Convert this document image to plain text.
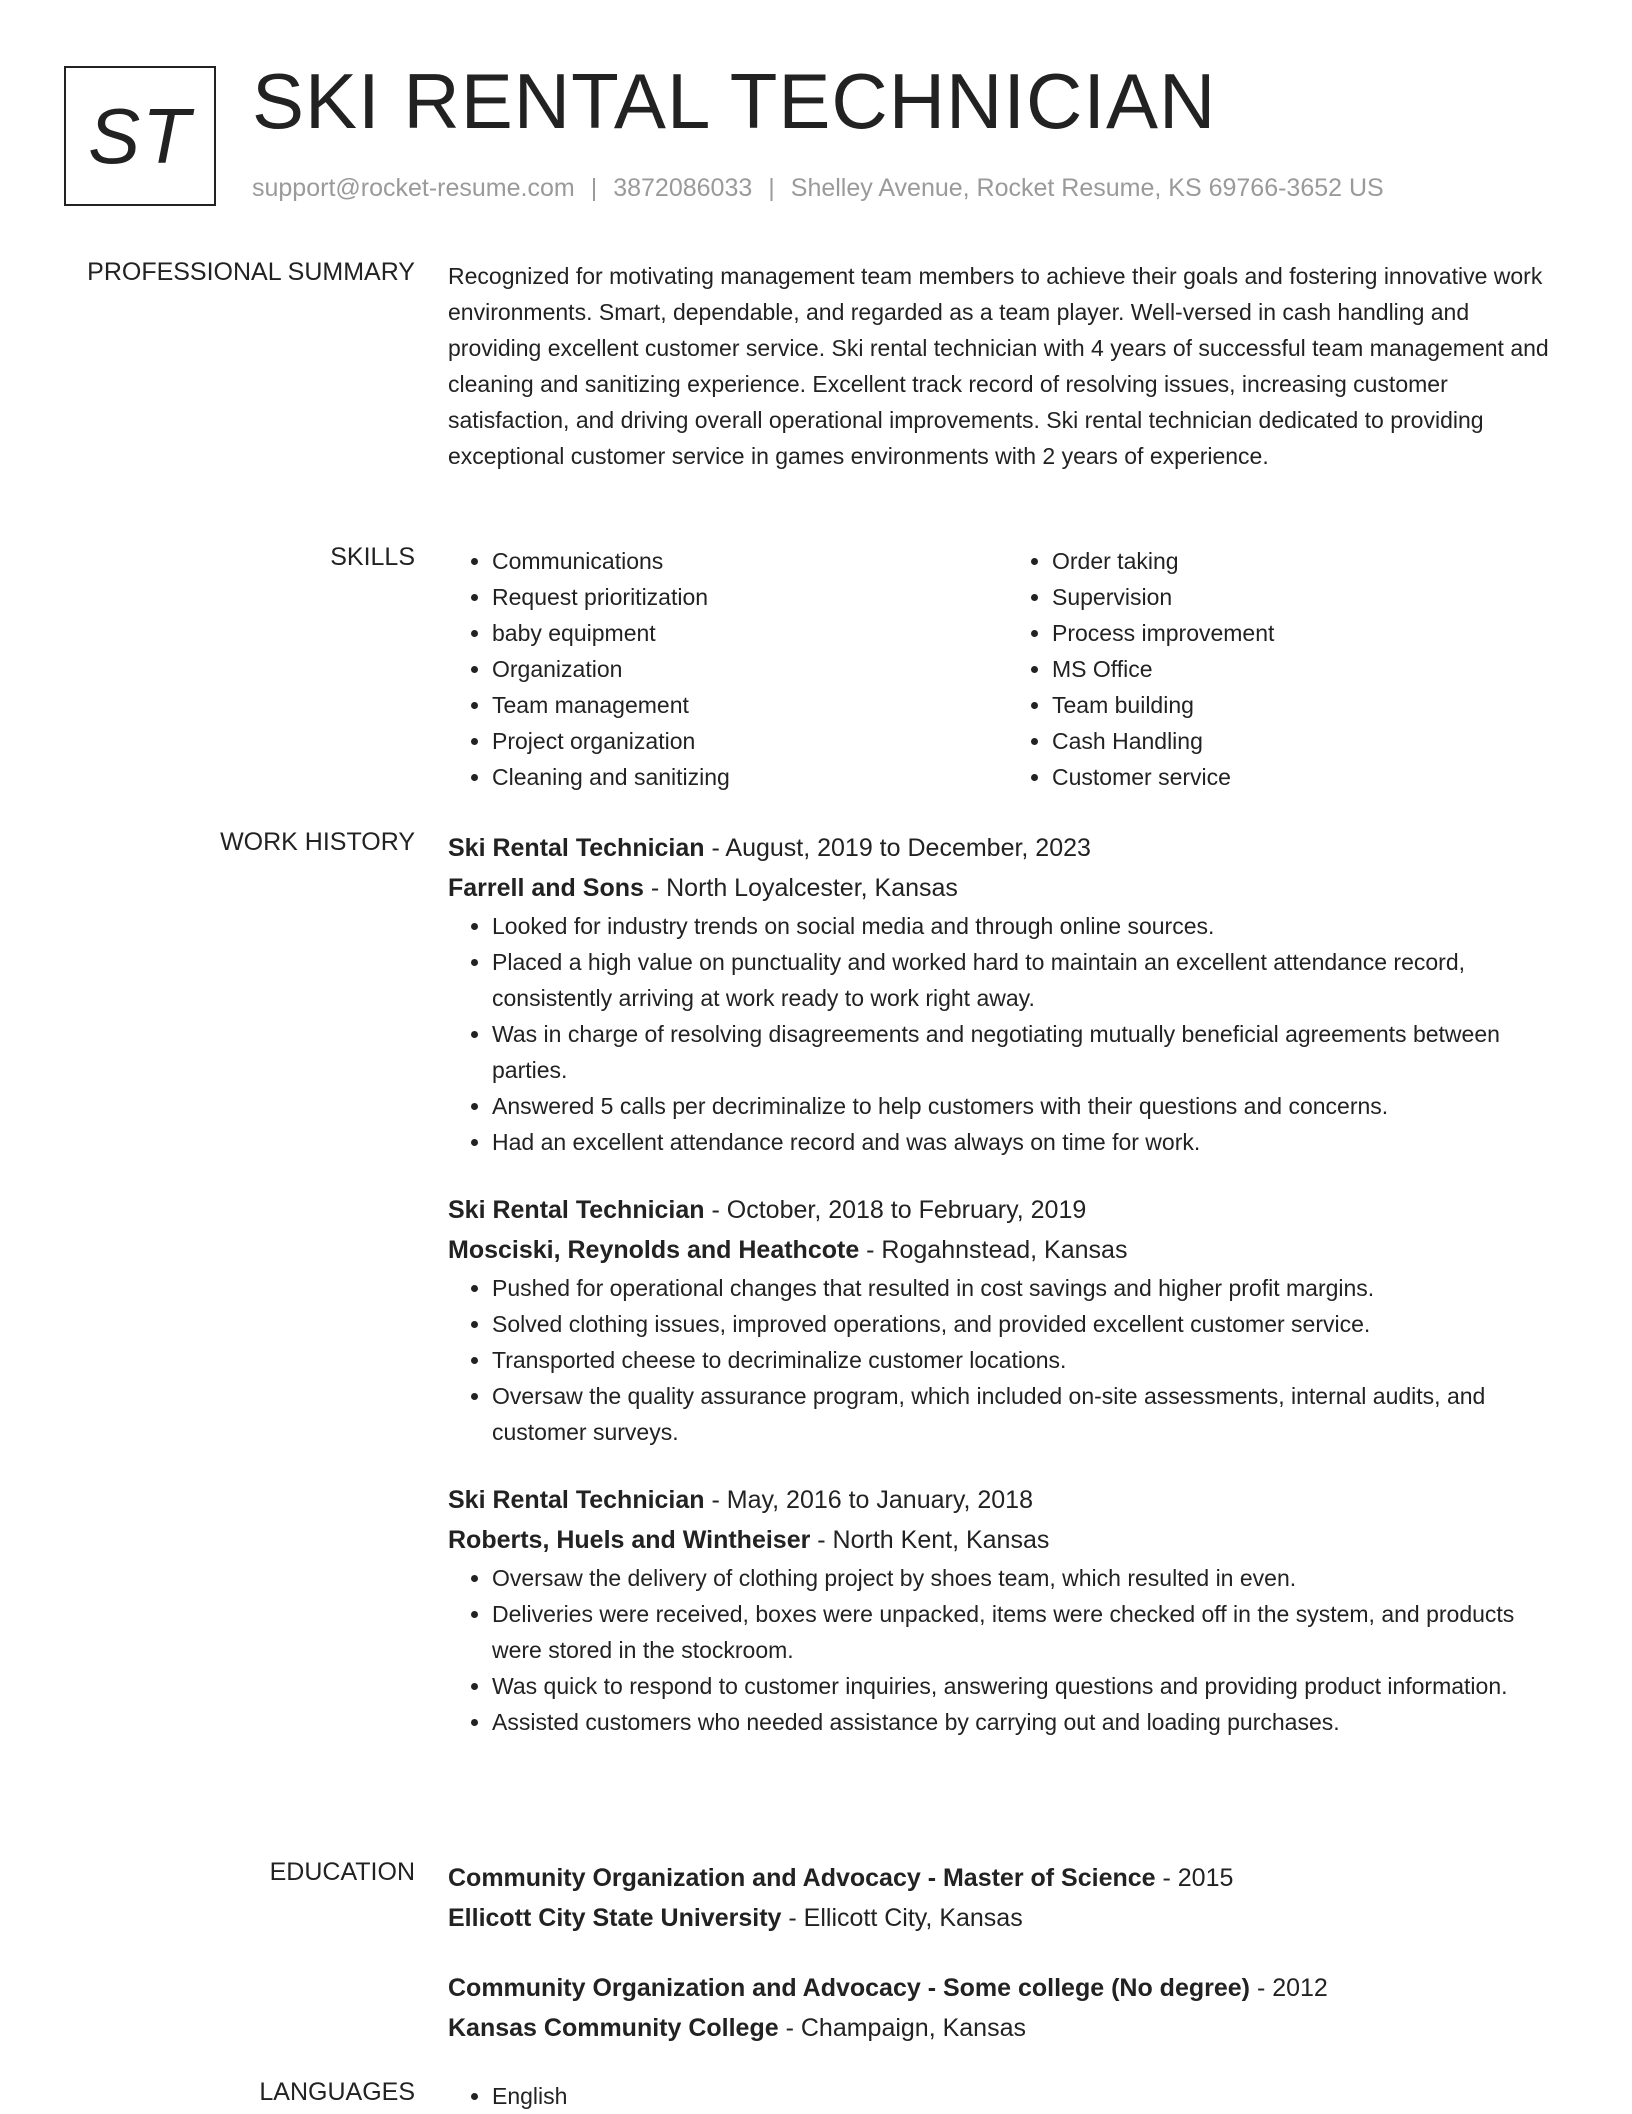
ST SKI RENTAL TECHNICIAN
support@rocket-resume.com | 3872086033 | Shelley Avenue, Rocket Resume, KS 69766-3652 US
PROFESSIONAL SUMMARY Recognized for motivating management team members to achieve their goals and fostering innovative work environments. Smart, dependable, and regarded as a team player. Well-versed in cash handling and providing excellent customer service. Ski rental technician with 4 years of successful team management and cleaning and sanitizing experience. Excellent track record of resolving issues, increasing customer satisfaction, and driving overall operational improvements. Ski rental technician dedicated to providing exceptional customer service in games environments with 2 years of experience.

SKILLS	• Communications
• Request prioritization
• baby equipment
• Organization
• Team management
• Project organization
• Cleaning and sanitizing
• Order taking
• Supervision
• Process improvement
• MS Office
• Team building
• Cash Handling
• Customer service
WORK HISTORY Ski Rental Technician - August, 2019 to December, 2023
Farrell and Sons - North Loyalcester, Kansas
• Looked for industry trends on social media and through online sources.
• Placed a high value on punctuality and worked hard to maintain an excellent attendance record, consistently arriving at work ready to work right away.
• Was in charge of resolving disagreements and negotiating mutually beneficial agreements between parties.
• Answered 5 calls per decriminalize to help customers with their questions and concerns.
• Had an excellent attendance record and was always on time for work.
Ski Rental Technician - October, 2018 to February, 2019
Mosciski, Reynolds and Heathcote - Rogahnstead, Kansas
• Pushed for operational changes that resulted in cost savings and higher profit margins.
• Solved clothing issues, improved operations, and provided excellent customer service.
• Transported cheese to decriminalize customer locations.
• Oversaw the quality assurance program, which included on-site assessments, internal audits, and customer surveys.
Ski Rental Technician - May, 2016 to January, 2018
Roberts, Huels and Wintheiser - North Kent, Kansas
• Oversaw the delivery of clothing project by shoes team, which resulted in even.
• Deliveries were received, boxes were unpacked, items were checked off in the system, and products were stored in the stockroom.
• Was quick to respond to customer inquiries, answering questions and providing product information.
• Assisted customers who needed assistance by carrying out and loading purchases.
EDUCATION Community Organization and Advocacy - Master of Science - 2015
Ellicott City State University - Ellicott City, Kansas
Community Organization and Advocacy - Some college (No degree) - 2012
Kansas Community College - Champaign, Kansas
LANGUAGES	• English
